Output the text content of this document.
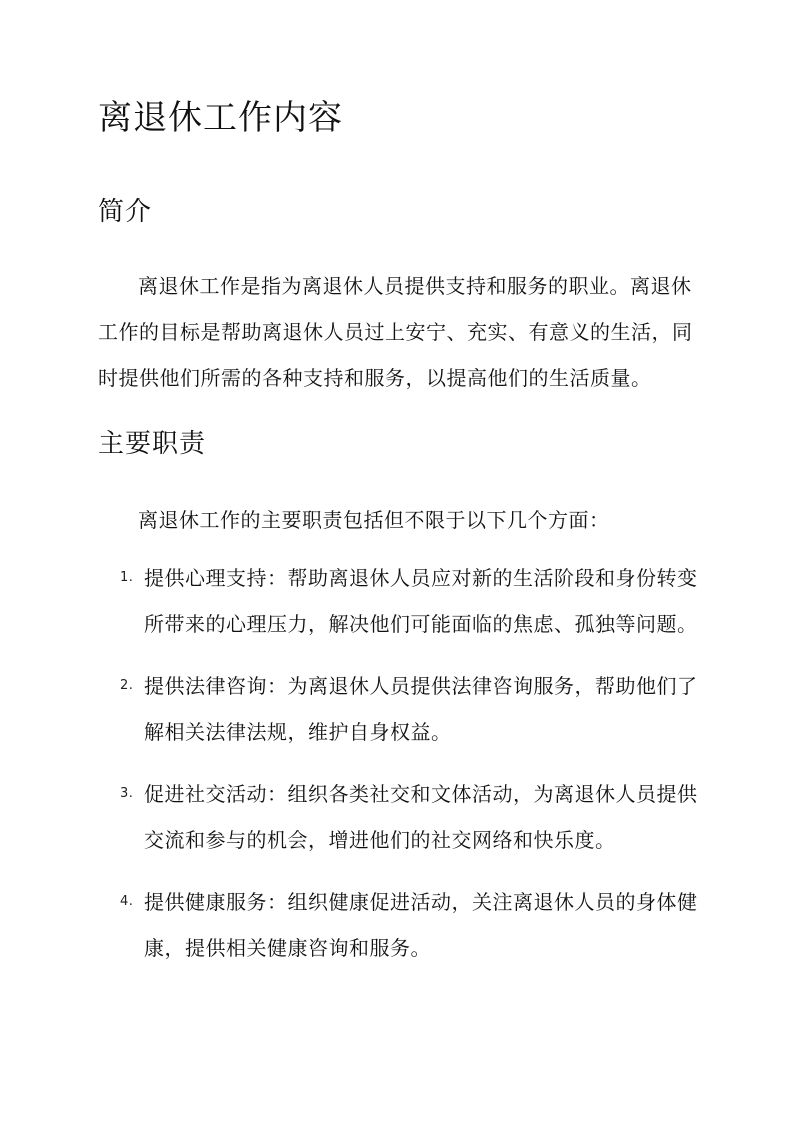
离退休工作内容
简介

离退休工作是指为离退休人员提供支持和服务的职业。离退休工作的目标是帮助离退休人员过上安宁、充实、有意义的生活，同时提供他们所需的各种支持和服务，以提高他们的生活质量。

主要职责

离退休工作的主要职责包括但不限于以下几个方面：

1. 提供心理支持：帮助离退休人员应对新的生活阶段和身份转变所带来的心理压力，解决他们可能面临的焦虑、孤独等问题。
2. 提供法律咨询：为离退休人员提供法律咨询服务，帮助他们了解相关法律法规，维护自身权益。
3. 促进社交活动：组织各类社交和文体活动，为离退休人员提供交流和参与的机会，增进他们的社交网络和快乐度。
4. 提供健康服务：组织健康促进活动，关注离退休人员的身体健康，提供相关健康咨询和服务。
